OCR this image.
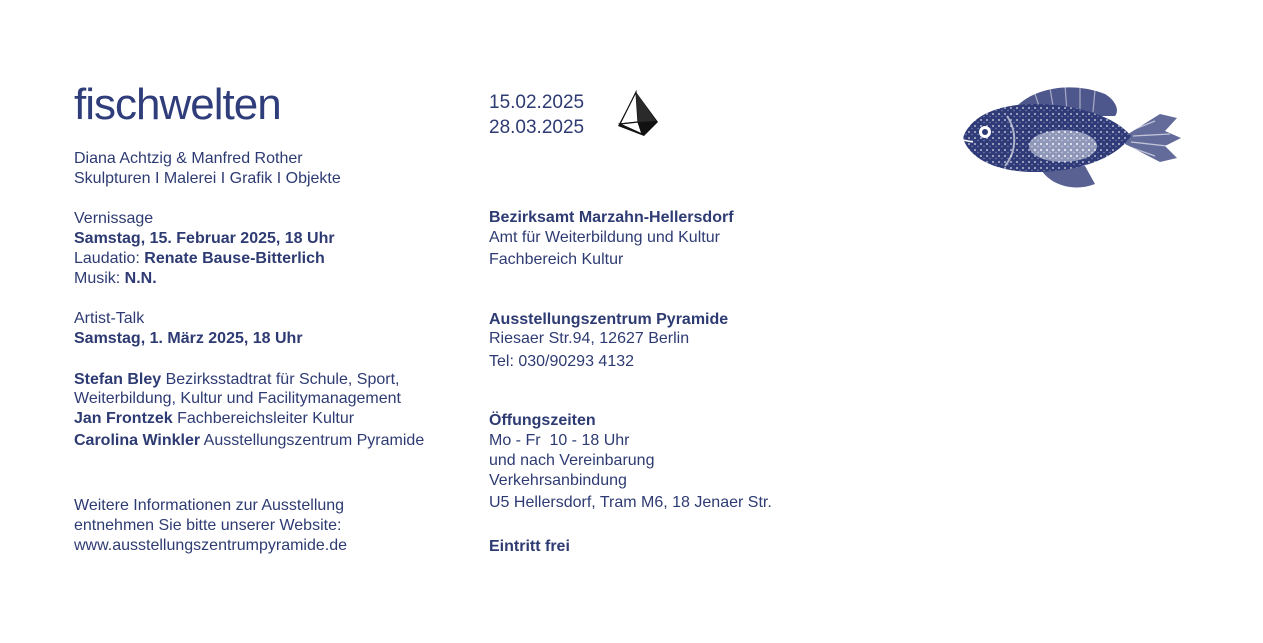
fischwelten
Diana Achtzig & Manfred Rother
Skulpturen I Malerei I Grafik I Objekte
Vernissage
Samstag, 15. Februar 2025, 18 Uhr
Laudatio: Renate Bause-Bitterlich
Musik: N.N.
Artist-Talk
Samstag, 1. März 2025, 18 Uhr
Stefan Bley Bezirksstadtrat für Schule, Sport,
Weiterbildung, Kultur und Facilitymanagement
Jan Frontzek Fachbereichsleiter Kultur
Carolina Winkler Ausstellungszentrum Pyramide
Weitere Informationen zur Ausstellung
entnehmen Sie bitte unserer Website:
www.ausstellungszentrumpyramide.de
15.02.2025
28.03.2025
Bezirksamt Marzahn-Hellersdorf
Amt für Weiterbildung und Kultur
Fachbereich Kultur
Ausstellungszentrum Pyramide
Riesaer Str.94, 12627 Berlin
Tel: 030/90293 4132
Öffungszeiten
Mo - Fr  10 - 18 Uhr
und nach Vereinbarung
Verkehrsanbindung
U5 Hellersdorf, Tram M6, 18 Jenaer Str.
Eintritt frei
